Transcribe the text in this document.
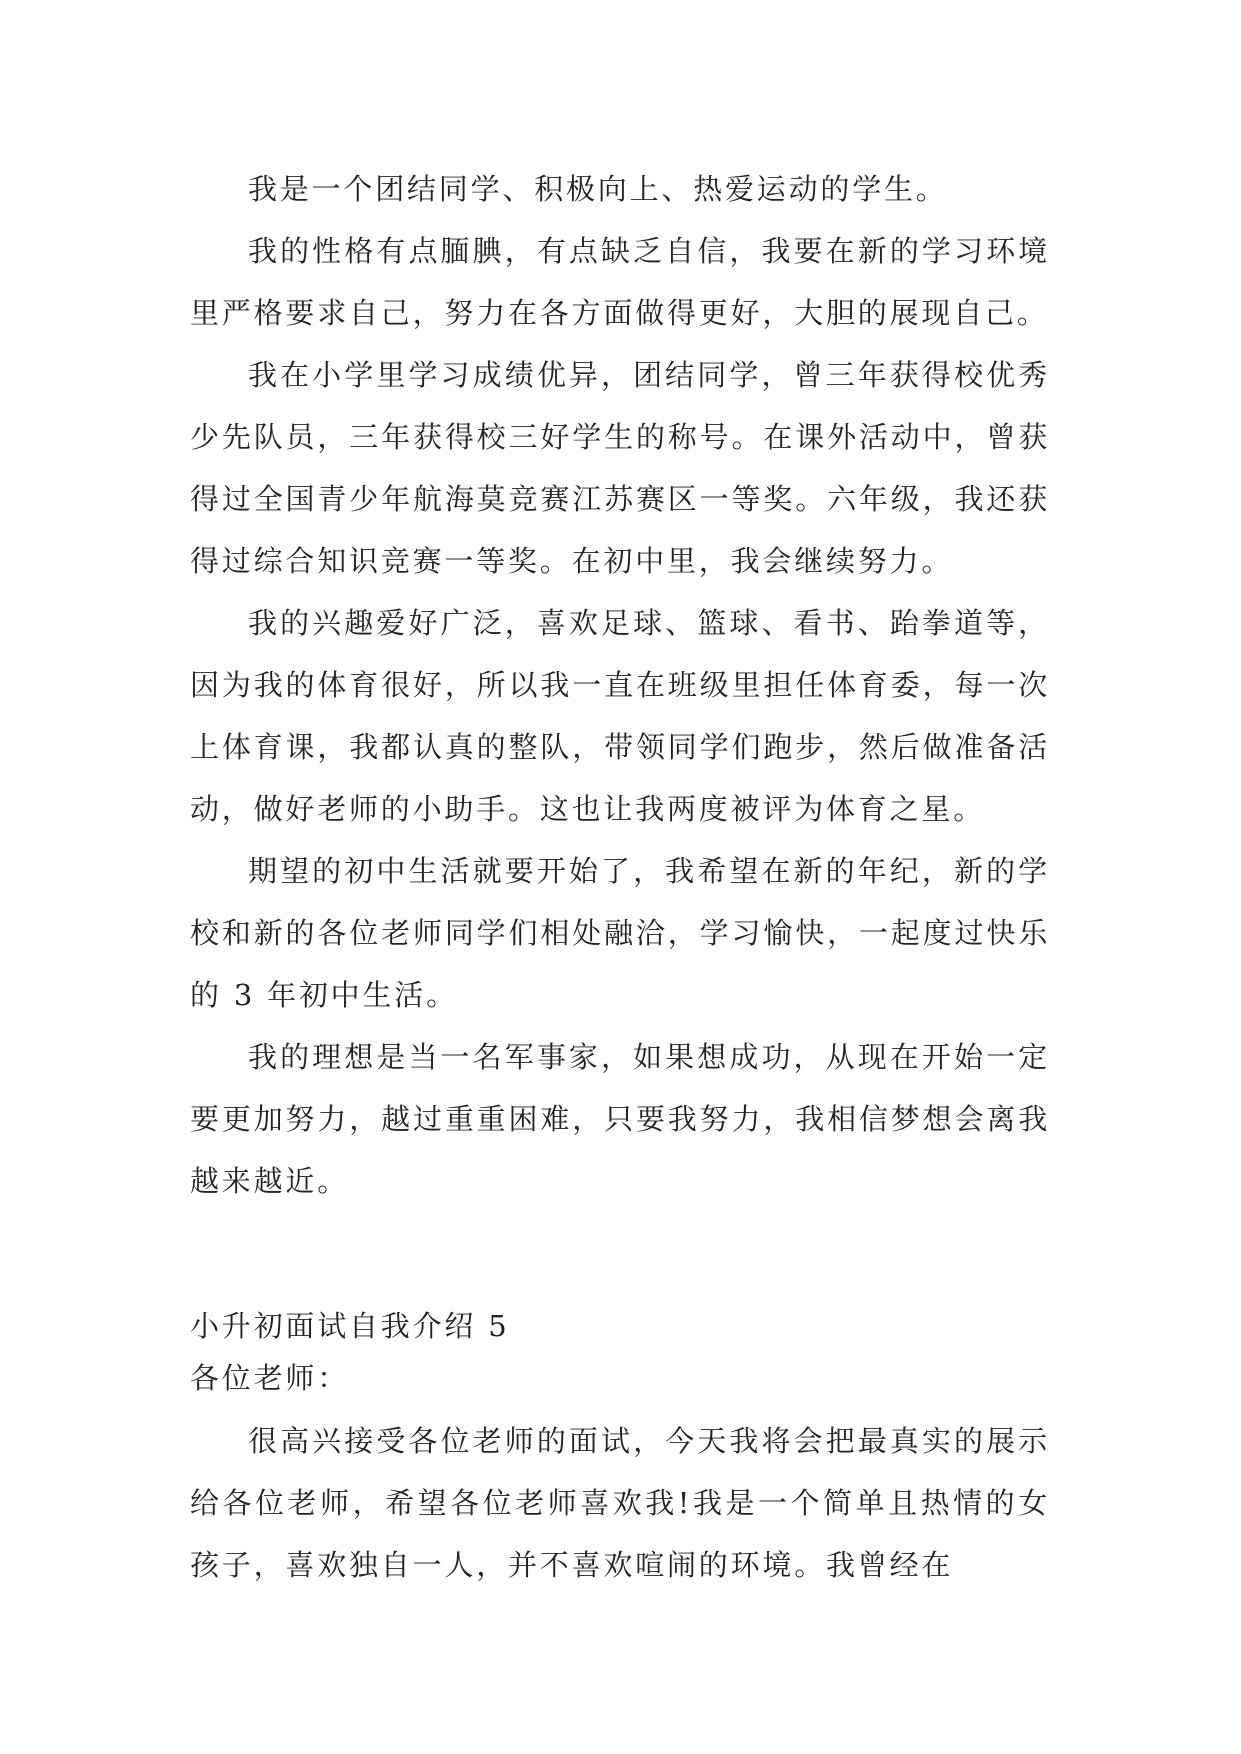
我是一个团结同学、积极向上、热爱运动的学生。

我的性格有点腼腆，有点缺乏自信，我要在新的学习环境里严格要求自己，努力在各方面做得更好，大胆的展现自己。

我在小学里学习成绩优异，团结同学，曾三年获得校优秀少先队员，三年获得校三好学生的称号。在课外活动中，曾获得过全国青少年航海莫竞赛江苏赛区一等奖。六年级，我还获得过综合知识竞赛一等奖。在初中里，我会继续努力。

我的兴趣爱好广泛，喜欢足球、篮球、看书、跆拳道等，因为我的体育很好，所以我一直在班级里担任体育委，每一次上体育课，我都认真的整队，带领同学们跑步，然后做准备活动，做好老师的小助手。这也让我两度被评为体育之星。

期望的初中生活就要开始了，我希望在新的年纪，新的学校和新的各位老师同学们相处融洽，学习愉快，一起度过快乐的 3 年初中生活。

我的理想是当一名军事家，如果想成功，从现在开始一定要更加努力，越过重重困难，只要我努力，我相信梦想会离我越来越近。

小升初面试自我介绍 5

各位老师：

很高兴接受各位老师的面试，今天我将会把最真实的展示给各位老师，希望各位老师喜欢我!我是一个简单且热情的女孩子，喜欢独自一人，并不喜欢喧闹的环境。我曾经在
